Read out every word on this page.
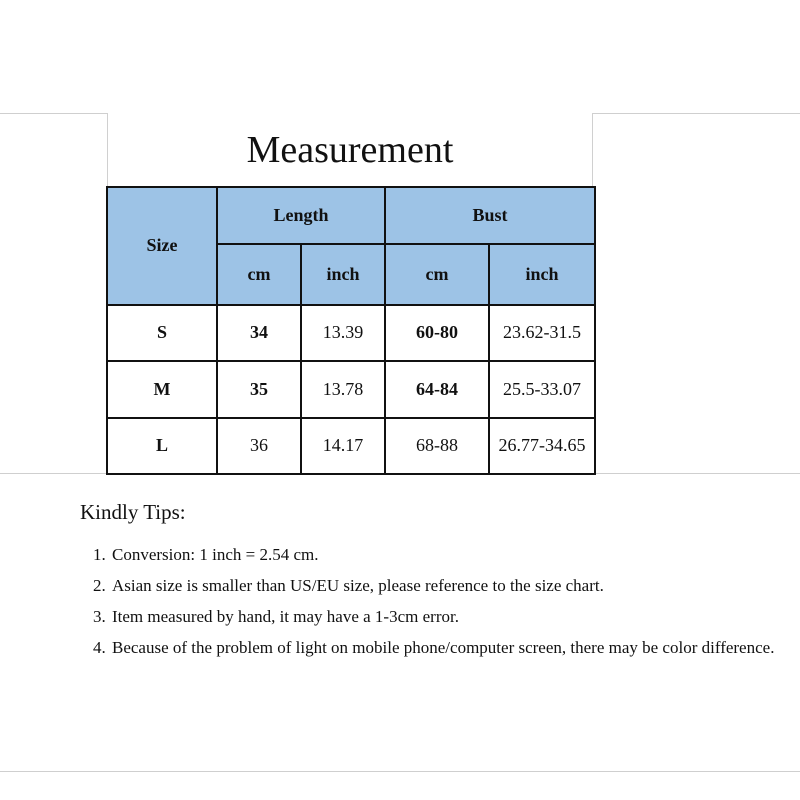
Measurement
Size	Length		Bust	
	cm	inch	cm	inch
S	34	13.39	60-80	23.62-31.5
M	35	13.78	64-84	25.5-33.07
L	36	14.17	68-88	26.77-34.65

Kindly Tips:

1. Conversion: 1 inch = 2.54 cm.
2. Asian size is smaller than US/EU size, please reference to the size chart.
3. Item measured by hand, it may have a 1-3cm error.
4. Because of the problem of light on mobile phone/computer screen, there may be color difference.
